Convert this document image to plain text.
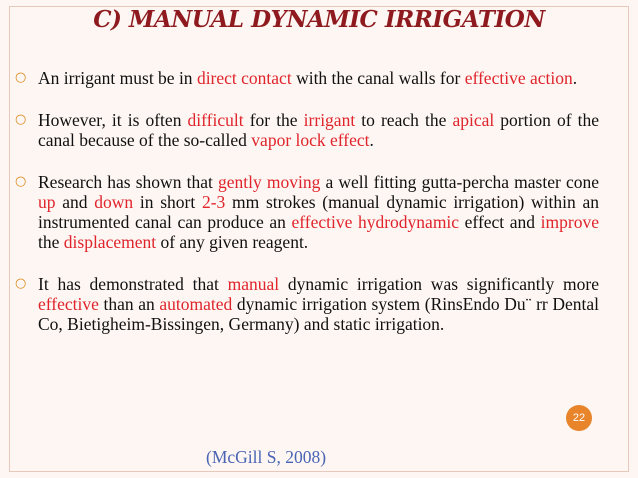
C) MANUAL DYNAMIC IRRIGATION
○ An irrigant must be in direct contact with the canal walls for effective action.
○ However, it is often difficult for the irrigant to reach the apical portion of the canal because of the so-called vapor lock effect.
○ Research has shown that gently moving a well fitting gutta-percha master cone up and down in short 2-3 mm strokes (manual dynamic irrigation) within an instrumented canal can produce an effective hydrodynamic effect and improve the displacement of any given reagent.
○ It has demonstrated that manual dynamic irrigation was significantly more effective than an automated dynamic irrigation system (RinsEndo Du¨ rr Dental Co, Bietigheim-Bissingen, Germany) and static irrigation.
22
(McGill S, 2008)
